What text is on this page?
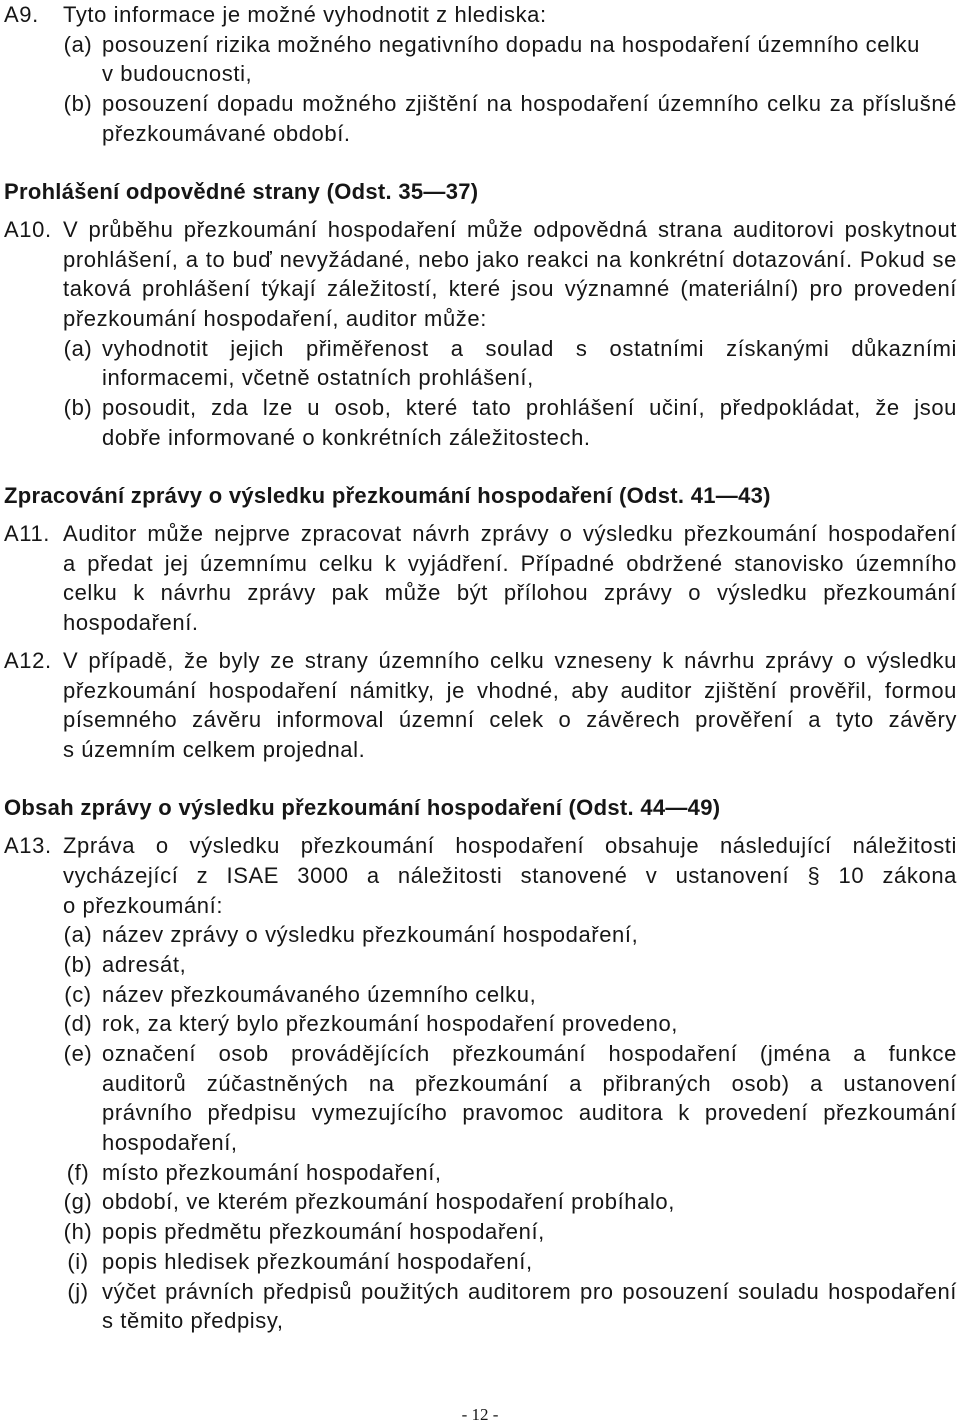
A9.	Tyto informace je možné vyhodnotit z hlediska:
(a) posouzení rizika možného negativního dopadu na hospodaření územního celku
v budoucnosti,
(b) posouzení dopadu možného zjištění na hospodaření územního celku za příslušné
přezkoumávané období.
Prohlášení odpovědné strany (Odst. 35—37)
A10. V průběhu přezkoumání hospodaření může odpovědná strana auditorovi poskytnout
prohlášení, a to buď nevyžádané, nebo jako reakci na konkrétní dotazování. Pokud se
taková prohlášení týkají záležitostí, které jsou významné (materiální) pro provedení
přezkoumání hospodaření, auditor může:
(a) vyhodnotit jejich přiměřenost a soulad s ostatními získanými důkazními
informacemi, včetně ostatních prohlášení,
(b) posoudit, zda lze u osob, které tato prohlášení učiní, předpokládat, že jsou
dobře informované o konkrétních záležitostech.
Zpracování zprávy o výsledku přezkoumání hospodaření (Odst. 41—43)
A11. Auditor může nejprve zpracovat návrh zprávy o výsledku přezkoumání hospodaření
a předat jej územnímu celku k vyjádření. Případné obdržené stanovisko územního
celku k návrhu zprávy pak může být přílohou zprávy o výsledku přezkoumání
hospodaření.
A12. V případě, že byly ze strany územního celku vzneseny k návrhu zprávy o výsledku
přezkoumání hospodaření námitky, je vhodné, aby auditor zjištění prověřil, formou
písemného závěru informoval územní celek o závěrech prověření a tyto závěry
s územním celkem projednal.
Obsah zprávy o výsledku přezkoumání hospodaření (Odst. 44—49)
A13. Zpráva o výsledku přezkoumání hospodaření obsahuje následující náležitosti
vycházející z ISAE 3000 a náležitosti stanovené v ustanovení § 10 zákona
o přezkoumání:
(a) název zprávy o výsledku přezkoumání hospodaření,
(b) adresát,
(c) název přezkoumávaného územního celku,
(d) rok, za který bylo přezkoumání hospodaření provedeno,
(e) označení osob provádějících přezkoumání hospodaření (jména a funkce
auditorů zúčastněných na přezkoumání a přibraných osob) a ustanovení
právního předpisu vymezujícího pravomoc auditora k provedení přezkoumání
hospodaření,
(f) místo přezkoumání hospodaření,
(g) období, ve kterém přezkoumání hospodaření probíhalo,
(h) popis předmětu přezkoumání hospodaření,
(i) popis hledisek přezkoumání hospodaření,
(j) výčet právních předpisů použitých auditorem pro posouzení souladu hospodaření
s těmito předpisy,
- 12 -
